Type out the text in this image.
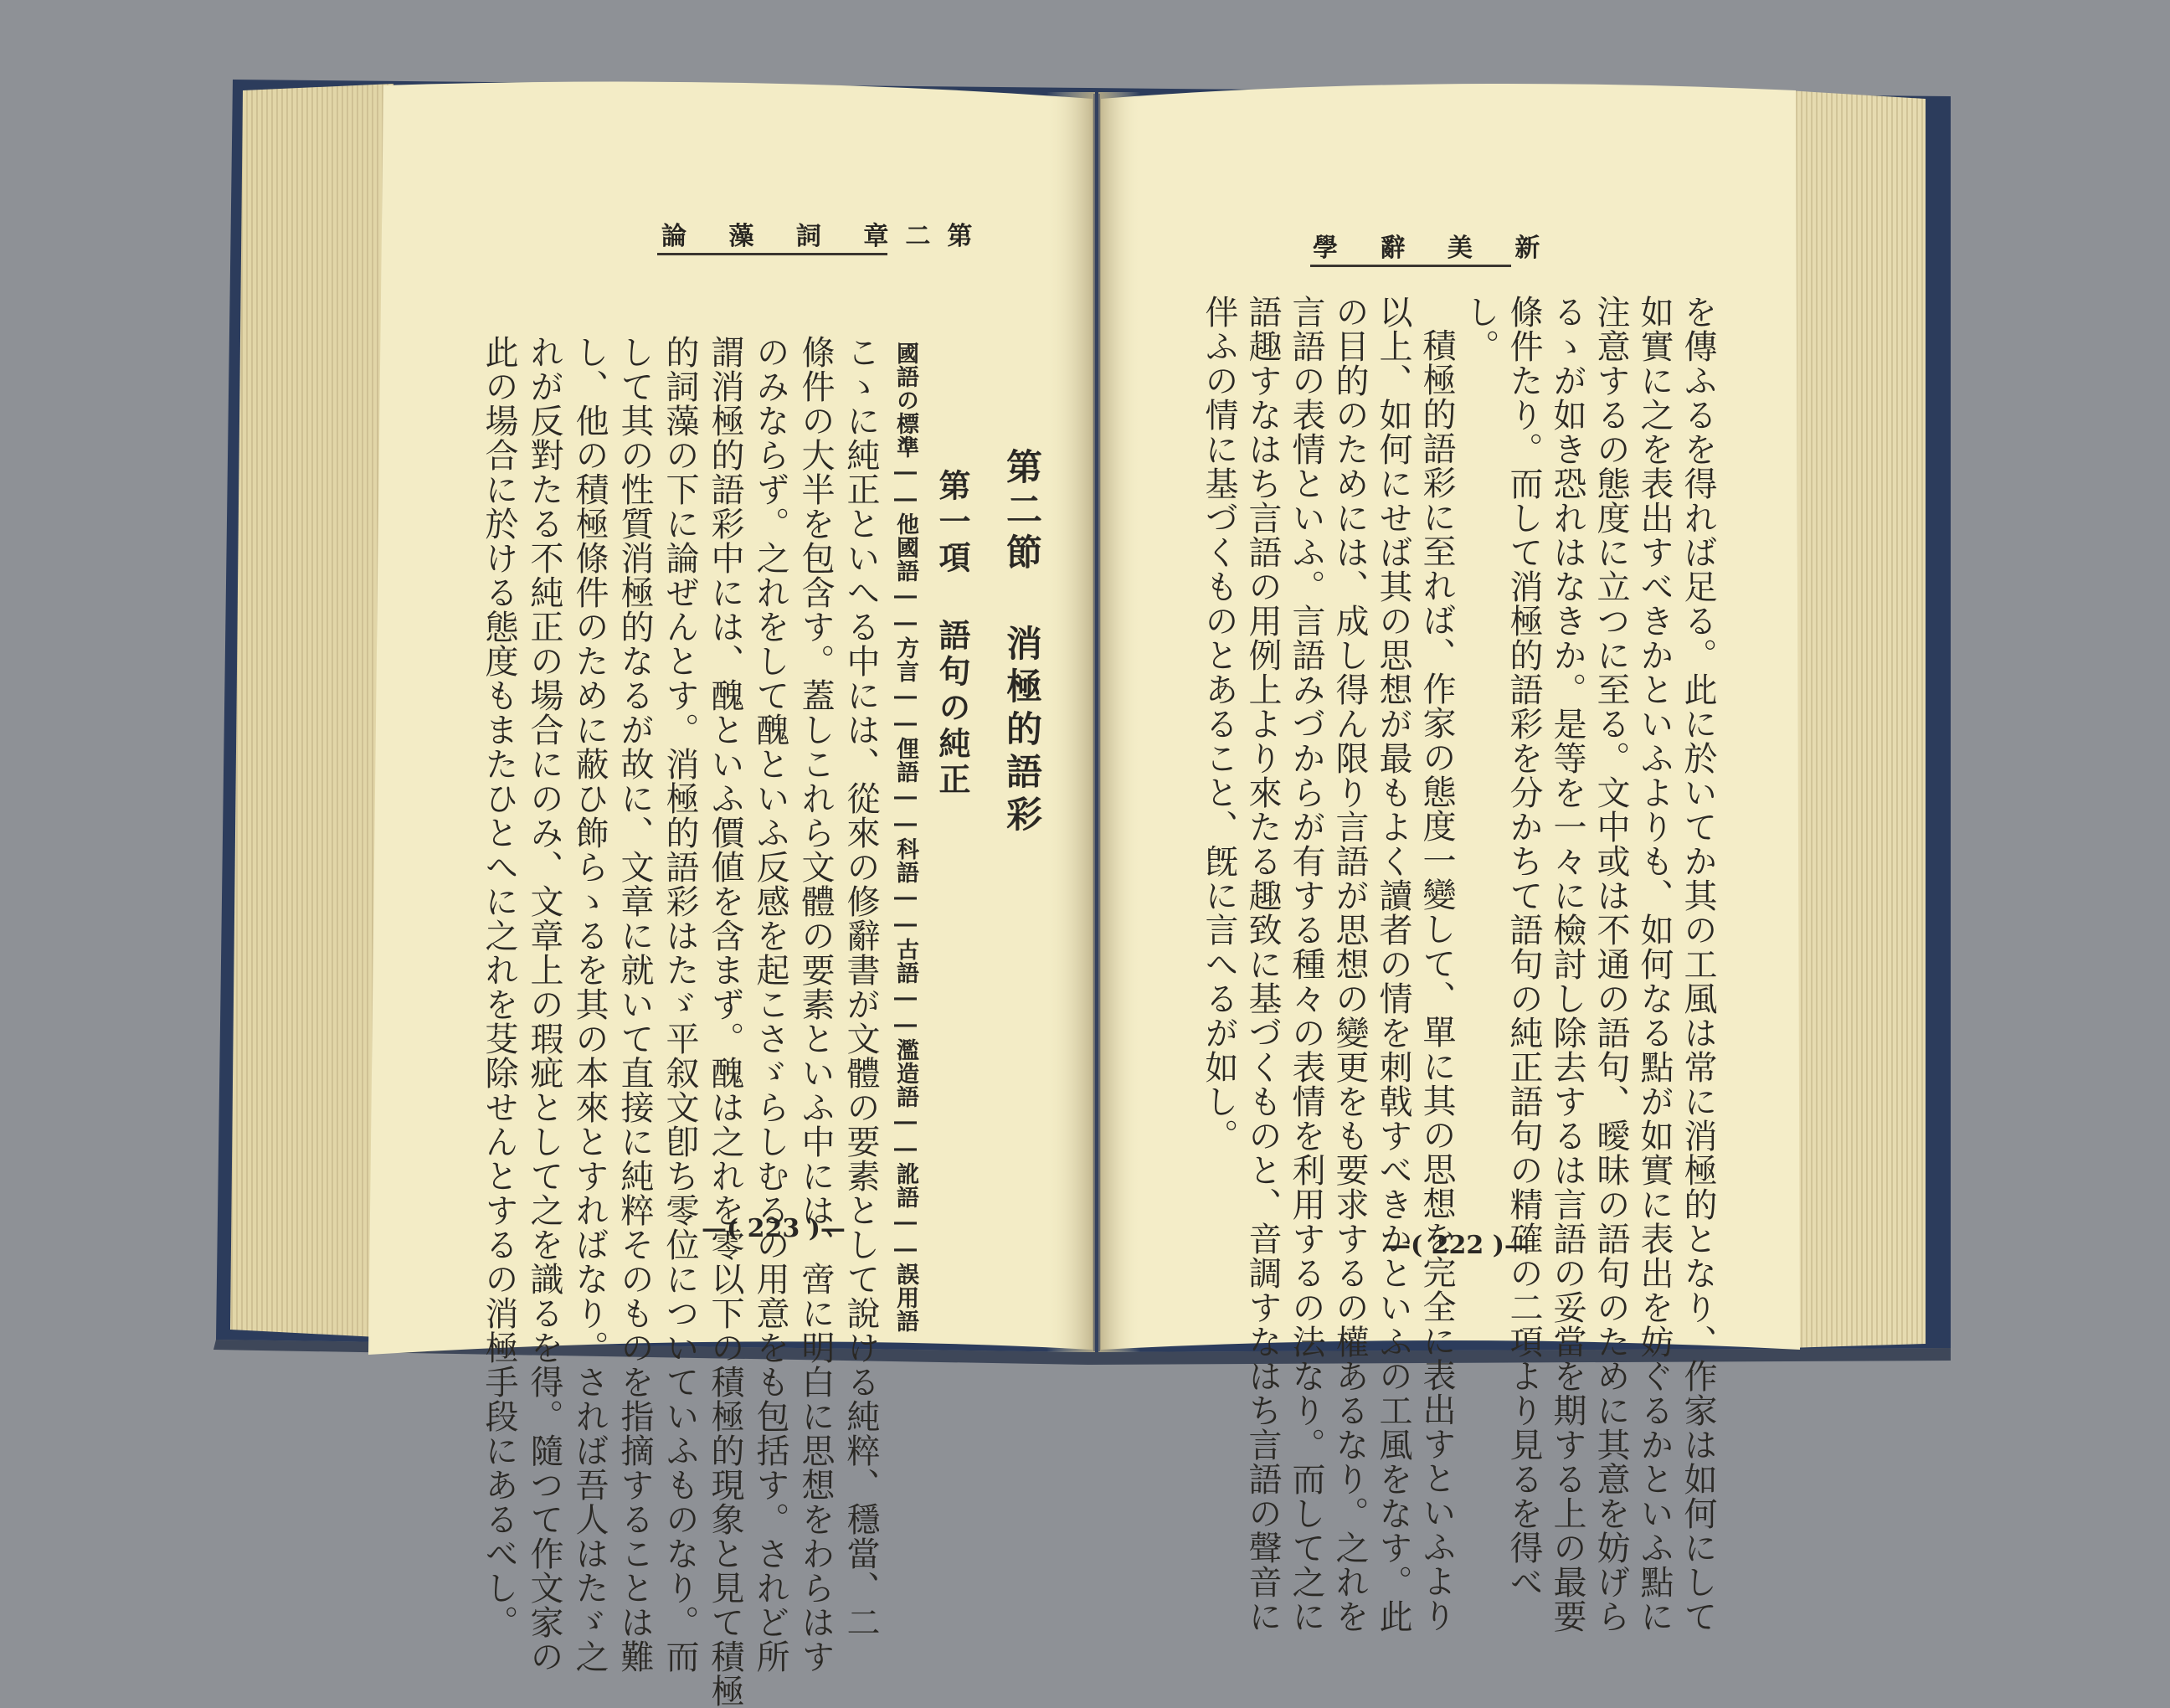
論 藻 詞 章二第
第二節 消極的語彩
第一項 語句の純正
國語の標準――他國語――方言――俚語――科語――古語――濫造語――訛語――誤用語
こゝに純正といへる中には、從來の修辭書が文體の要素として說ける純粹、穩當、二
條件の大半を包含す。蓋しこれら文體の要素といふ中には、啻に明白に思想をわらはす
のみならず。之れをして醜といふ反感を起こさゞらしむるの用意をも包括す。されど所
謂消極的語彩中には、醜といふ價値を含まず。醜は之れを零以下の積極的現象と見て積極
的詞藻の下に論ぜんとす。消極的語彩はたゞ平叙文卽ち零位についていふものなり。而
して其の性質消極的なるが故に、文章に就いて直接に純粹そのものを指摘することは難
し、他の積極條件のために蔽ひ飾らゝるを其の本來とすればなり。されば吾人はたゞ之
れが反對たる不純正の場合にのみ、文章上の瑕疵として之を識るを得。隨つて作文家の
此の場合に於ける態度もまたひとへに之れを芟除せんとするの消極手段にあるべし。	—( 223 )—
學 辭 美 新
を傳ふるを得れば足る。此に於いてか其の工風は常に消極的となり、作家は如何にして
如實に之を表出すべきかといふよりも、如何なる點が如實に表出を妨ぐるかといふ點に
注意するの態度に立つに至る。文中或は不通の語句、曖昧の語句のために其意を妨げら
るゝが如き恐れはなきか。是等を一々に檢討し除去するは言語の妥當を期する上の最要
條件たり。而して消極的語彩を分かちて語句の純正語句の精確の二項より見るを得べ
し。
積極的語彩に至れば、作家の態度一變して、單に其の思想を完全に表出すといふより
以上、如何にせば其の思想が最もよく讀者の情を刺戟すべきかといふの工風をなす。此
の目的のためには、成し得ん限り言語が思想の變更をも要求するの權あるなり。之れを
言語の表情といふ。言語みづからが有する種々の表情を利用するの法なり。而して之に
語趣すなはち言語の用例上より來たる趣致に基づくものと、音調すなはち言語の聲音に
伴ふの情に基づくものとあること、旣に言へるが如し。
—( 222 )—
